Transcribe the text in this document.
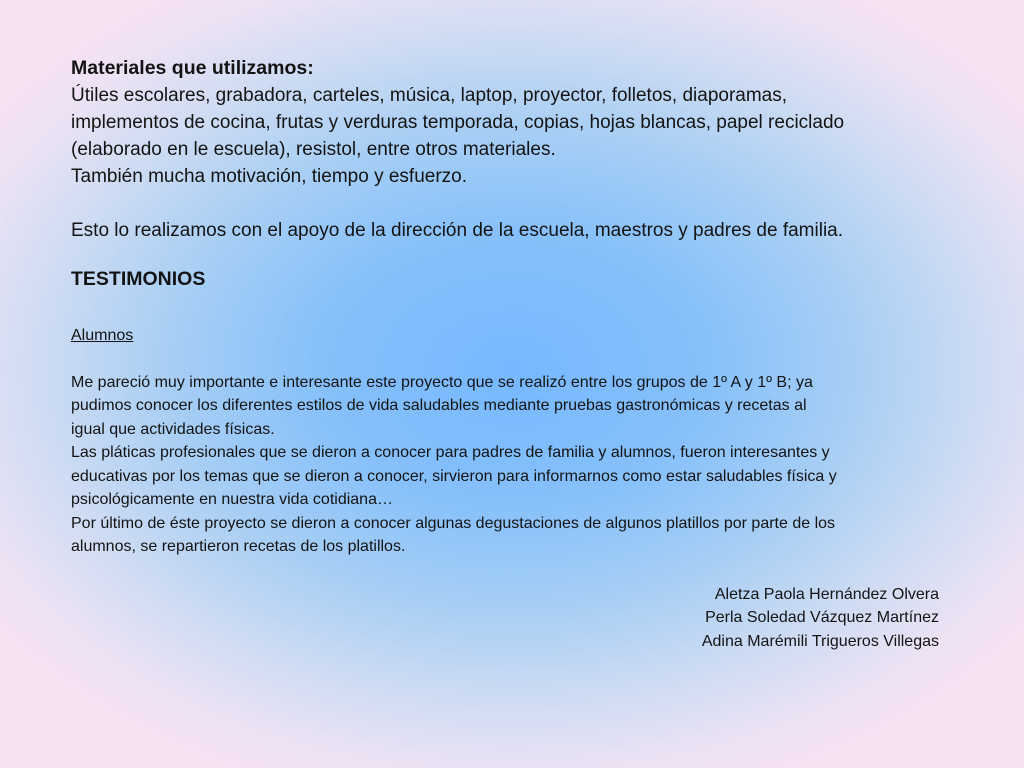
Materiales que utilizamos:
Útiles escolares, grabadora, carteles, música, laptop, proyector, folletos, diaporamas,
implementos de cocina, frutas y verduras temporada, copias, hojas blancas, papel reciclado
(elaborado en le escuela), resistol, entre otros materiales.
También mucha motivación, tiempo y esfuerzo.
Esto lo realizamos con el apoyo de la dirección de la escuela, maestros y padres de familia.
TESTIMONIOS
Alumnos
Me pareció muy importante e interesante este proyecto que se realizó entre los grupos de 1º A y 1º B; ya
pudimos conocer los diferentes estilos de vida saludables mediante pruebas gastronómicas y recetas al
igual que actividades físicas.
Las pláticas profesionales que se dieron a conocer para padres de familia y alumnos, fueron interesantes y
educativas por los temas que se dieron a conocer, sirvieron para informarnos como estar saludables física y
psicológicamente en nuestra vida cotidiana…
Por último de éste proyecto se dieron a conocer algunas degustaciones de algunos platillos por parte de los
alumnos, se repartieron recetas de los platillos.
Aletza Paola Hernández Olvera
Perla Soledad Vázquez Martínez
Adina Marémili Trigueros Villegas
